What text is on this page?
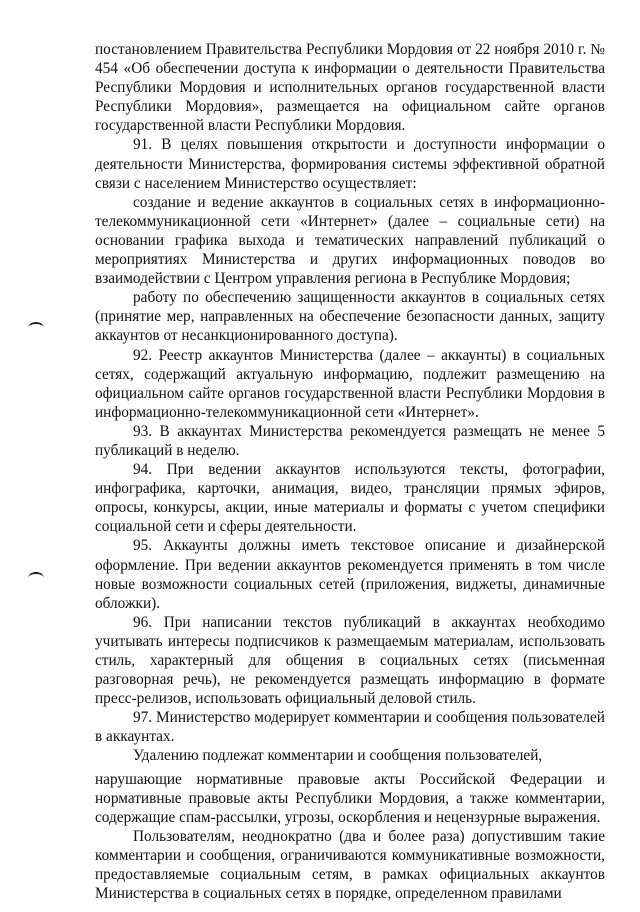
постановлением Правительства Республики Мордовия от 22 ноября 2010 г. № 454 «Об обеспечении доступа к информации о деятельности Правительства Республики Мордовия и исполнительных органов государственной власти Республики Мордовия», размещается на официальном сайте органов государственной власти Республики Мордовия.

91. В целях повышения открытости и доступности информации о деятельности Министерства, формирования системы эффективной обратной связи с населением Министерство осуществляет:

создание и ведение аккаунтов в социальных сетях в информационно-телекоммуникационной сети «Интернет» (далее – социальные сети) на основании графика выхода и тематических направлений публикаций о мероприятиях Министерства и других информационных поводов во взаимодействии с Центром управления региона в Республике Мордовия;

работу по обеспечению защищенности аккаунтов в социальных сетях (принятие мер, направленных на обеспечение безопасности данных, защиту аккаунтов от несанкционированного доступа).

92. Реестр аккаунтов Министерства (далее – аккаунты) в социальных сетях, содержащий актуальную информацию, подлежит размещению на официальном сайте органов государственной власти Республики Мордовия в информационно-телекоммуникационной сети «Интернет».

93. В аккаунтах Министерства рекомендуется размещать не менее 5 публикаций в неделю.

94. При ведении аккаунтов используются тексты, фотографии, инфографика, карточки, анимация, видео, трансляции прямых эфиров, опросы, конкурсы, акции, иные материалы и форматы с учетом специфики социальной сети и сферы деятельности.

95. Аккаунты должны иметь текстовое описание и дизайнерской оформление. При ведении аккаунтов рекомендуется применять в том числе новые возможности социальных сетей (приложения, виджеты, динамичные обложки).

96. При написании текстов публикаций в аккаунтах необходимо учитывать интересы подписчиков к размещаемым материалам, использовать стиль, характерный для общения в социальных сетях (письменная разговорная речь), не рекомендуется размещать информацию в формате пресс-релизов, использовать официальный деловой стиль.

97. Министерство модерирует комментарии и сообщения пользователей в аккаунтах.

Удалению подлежат комментарии и сообщения пользователей,

нарушающие нормативные правовые акты Российской Федерации и нормативные правовые акты Республики Мордовия, а также комментарии, содержащие спам-рассылки, угрозы, оскорбления и нецензурные выражения.

Пользователям, неоднократно (два и более раза) допустившим такие комментарии и сообщения, ограничиваются коммуникативные возможности, предоставляемые социальным сетям, в рамках официальных аккаунтов Министерства в социальных сетях в порядке, определенном правилами
